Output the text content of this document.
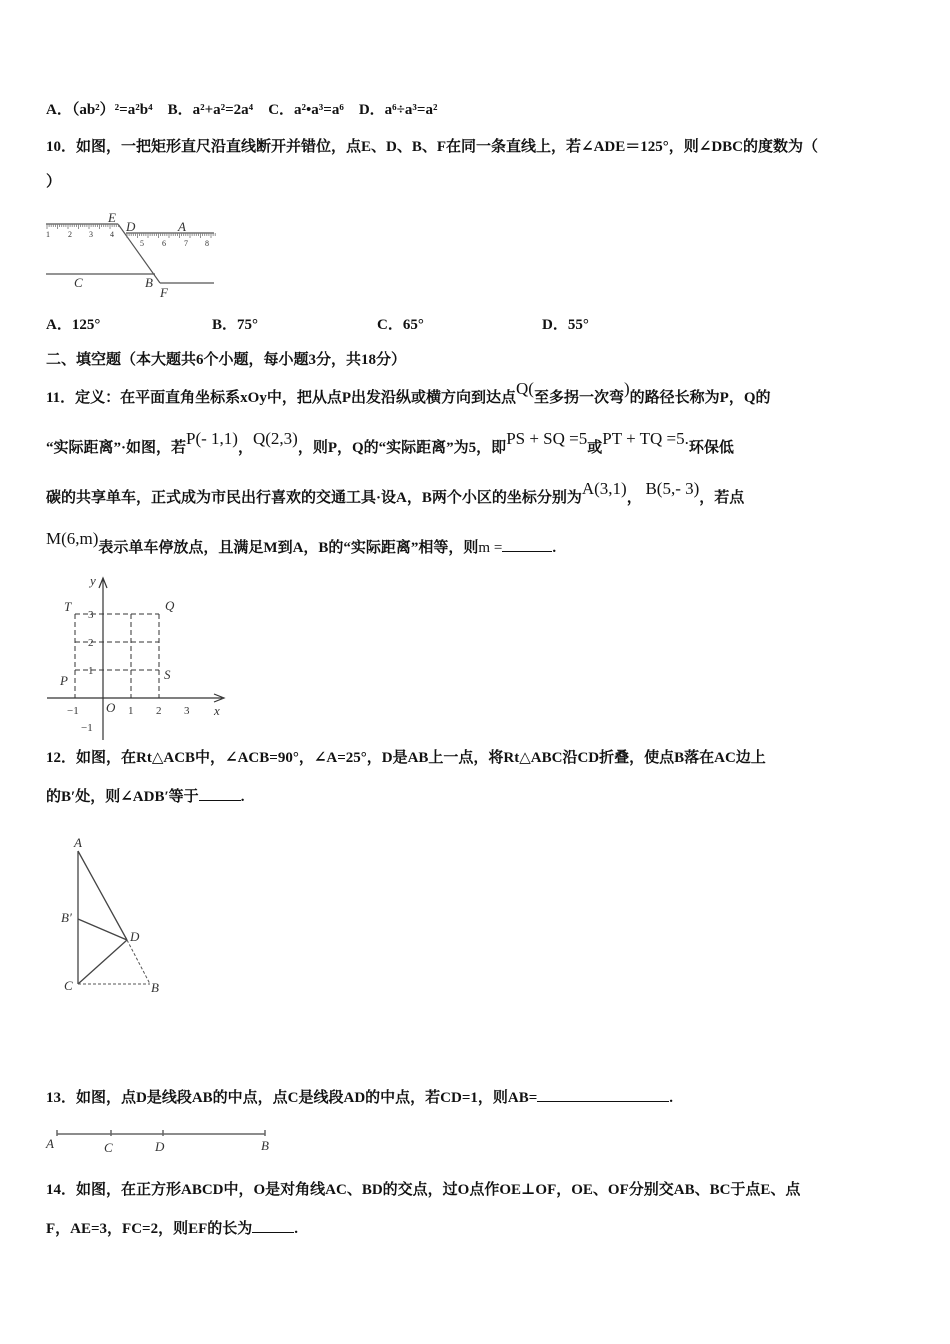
A．（ab²）²=a²b⁴ B．a²+a²=2a⁴ C．a²•a³=a⁶ D．a⁶÷a³=a²
10．如图，一把矩形直尺沿直线断开并错位，点E、D、B、F在同一条直线上，若∠ADE＝125°，则∠DBC的度数为（
）
E
D	A
C	B
F
1 2 3 4
5 6 7 8
A．125°	B．75°	C．65°	D．55°
二、填空题（本大题共6个小题，每小题3分，共18分）
11．定义：在平面直角坐标系xOy中，把从点P出发沿纵或横方向到达点Q(至多拐一次弯)的路径长称为P，Q的
“实际距离”·如图，若P(- 1,1)，Q(2,3)，则P，Q的“实际距离”为5，即PS + SQ =5或PT + TQ =5.环保低
碳的共享单车，正式成为市民出行喜欢的交通工具·设A，B两个小区的坐标分别为A(3,1)， B(5,- 3)，若点
M(6,m)表示单车停放点，且满足M到A，B的“实际距离”相等，则m =	.
y
x
T	Q
P	S
O
−1	1 2 3
3
2
1
−1
12．如图，在Rt△ACB中，∠ACB=90°，∠A=25°，D是AB上一点，将Rt△ABC沿CD折叠，使点B落在AC边上
的B′处，则∠ADB′等于	.
A
B′
D
C	B
13．如图，点D是线段AB的中点，点C是线段AD的中点，若CD=1，则AB=	.
A	C	D	B
14．如图，在正方形ABCD中，O是对角线AC、BD的交点，过O点作OE⊥OF，OE、OF分别交AB、BC于点E、点
F，AE=3，FC=2，则EF的长为	.
